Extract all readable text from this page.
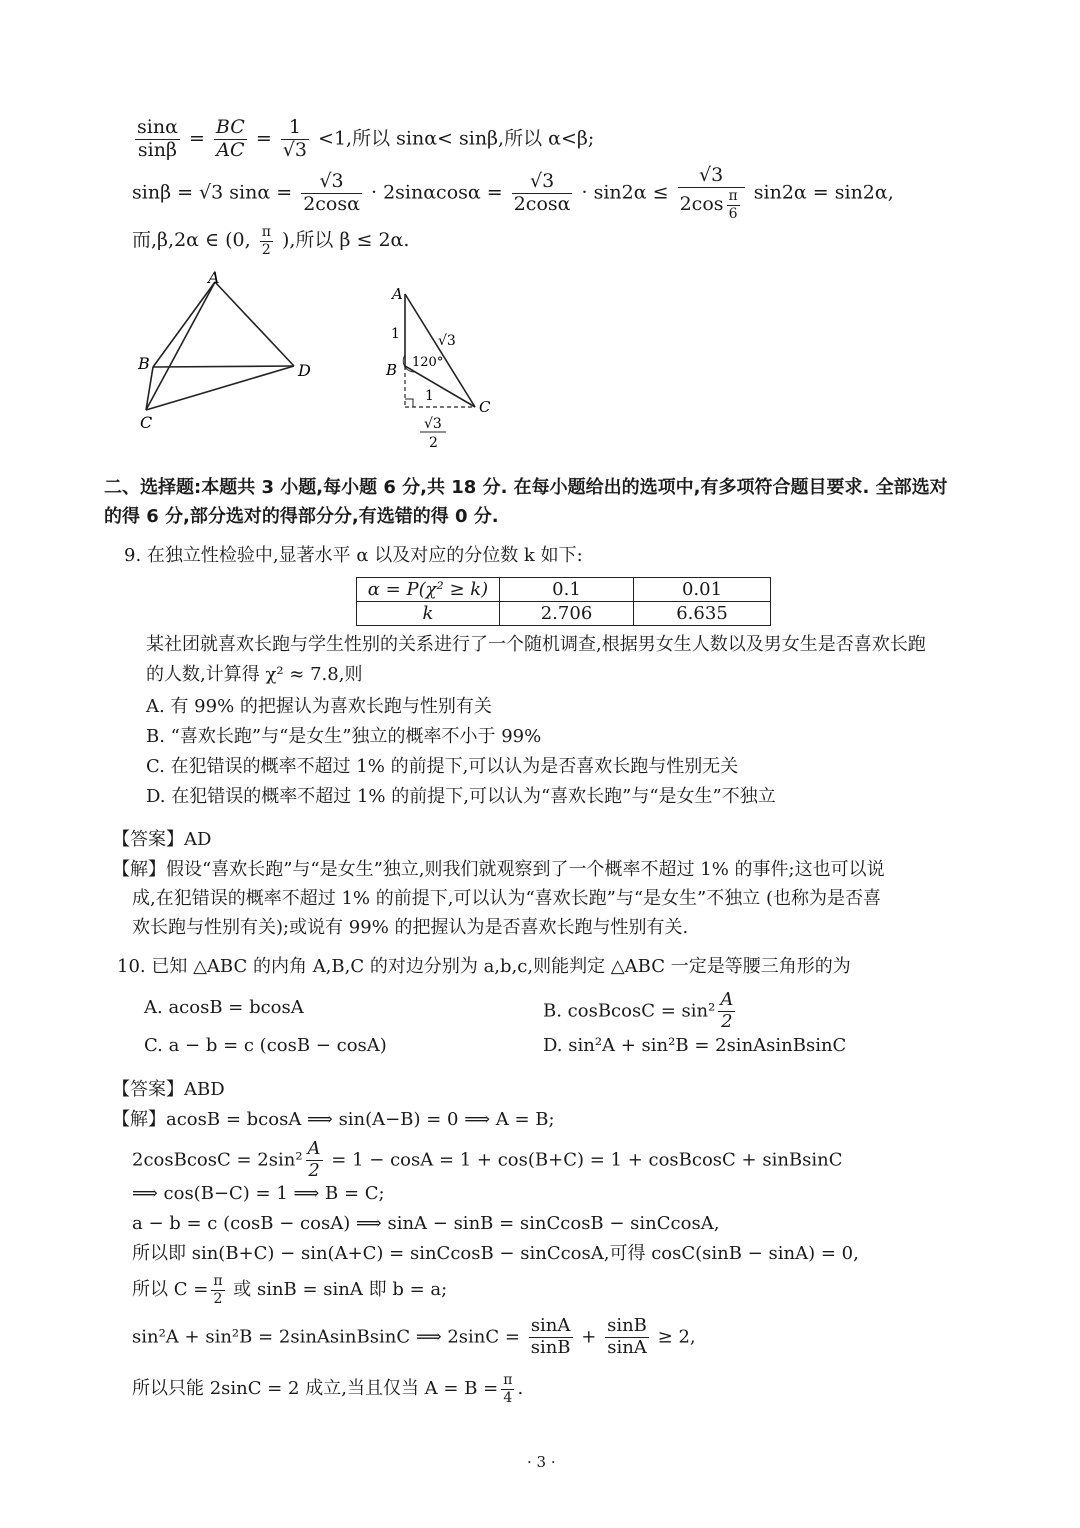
$\frac{\sin\alpha}{\sin\beta} = \frac{BC}{AC} = \frac{1}{√3} <1$,所以 sinα< sinβ,所以 α<β;
sinβ = √3 $\sin\alpha = \frac{√3}{2\cos\alpha} \cdot 2\sin\alpha\cos\alpha = \frac{√3}{2\cos\alpha} \cdot \sin 2\alpha \le \frac{√3}{2\cos \frac{\pi}{6}} \sin 2\alpha = \sin 2\alpha$,
而,β,2α ∈ (0, $\frac{\pi}{2}$ ),所以 β ≤ 2α.
A
B
C
D
A
B
C
1	√3
120°
1
√3
2
二、选择题:本题共 3 小题,每小题 6 分,共 18 分. 在每小题给出的选项中,有多项符合题目要求. 全部选对
的得 6 分,部分选对的得部分分,有选错的得 0 分.
9. 在独立性检验中,显著水平 α 以及对应的分位数 k 如下:
α = P(χ² ≥ k)	0.1	0.01
k	2.706	6.635
某社团就喜欢长跑与学生性别的关系进行了一个随机调查,根据男女生人数以及男女生是否喜欢长跑
的人数,计算得 χ² ≈ 7.8,则
A. 有 99% 的把握认为喜欢长跑与性别有关
B. “喜欢长跑”与“是女生”独立的概率不小于 99%
C. 在犯错误的概率不超过 1% 的前提下,可以认为是否喜欢长跑与性别无关
D. 在犯错误的概率不超过 1% 的前提下,可以认为“喜欢长跑”与“是女生”不独立
【答案】AD
【解】假设“喜欢长跑”与“是女生”独立,则我们就观察到了一个概率不超过 1% 的事件;这也可以说
成,在犯错误的概率不超过 1% 的前提下,可以认为“喜欢长跑”与“是女生”不独立 (也称为是否喜
欢长跑与性别有关);或说有 99% 的把握认为是否喜欢长跑与性别有关.
10. 已知 △ABC 的内角 A,B,C 的对边分别为 a,b,c,则能判定 △ABC 一定是等腰三角形的为
A. acosB = bcosA	B. cosBcosC = $\sin^2 \frac{A}{2}$
C. a − b = c (cosB − cosA)	D. sin²A + sin²B = 2sinAsinBsinC
【答案】ABD
【解】acosB = bcosA ⟹ sin(A−B) = 0 ⟹ A = B;
2cosBcosC = $2\sin^2 \frac{A}{2} = 1 - \cos A = 1 + \cos(B+C) = 1$ + cosBcosC + sinBsinC
⟹ cos(B−C) = 1 ⟹ B = C;
a − b = c (cosB − cosA) ⟹ sinA − sinB = sinCcosB − sinCcosA,
所以即 sin(B+C) − sin(A+C) = sinCcosB − sinCcosA,可得 cosC(sinB − sinA) = 0,
所以 $C = \frac{\pi}{2}$ 或 sinB = sinA 即 b = a;
sin²A + sin²B = 2sinAsinBsinC ⟹ $2\sin C = \frac{\sin A}{\sin B} + \frac{\sin B}{\sin A} \ge 2$,
所以只能 2sinC = 2 成立,当且仅当 $A = B = \frac{\pi}{4}$ .
· 3 ·
